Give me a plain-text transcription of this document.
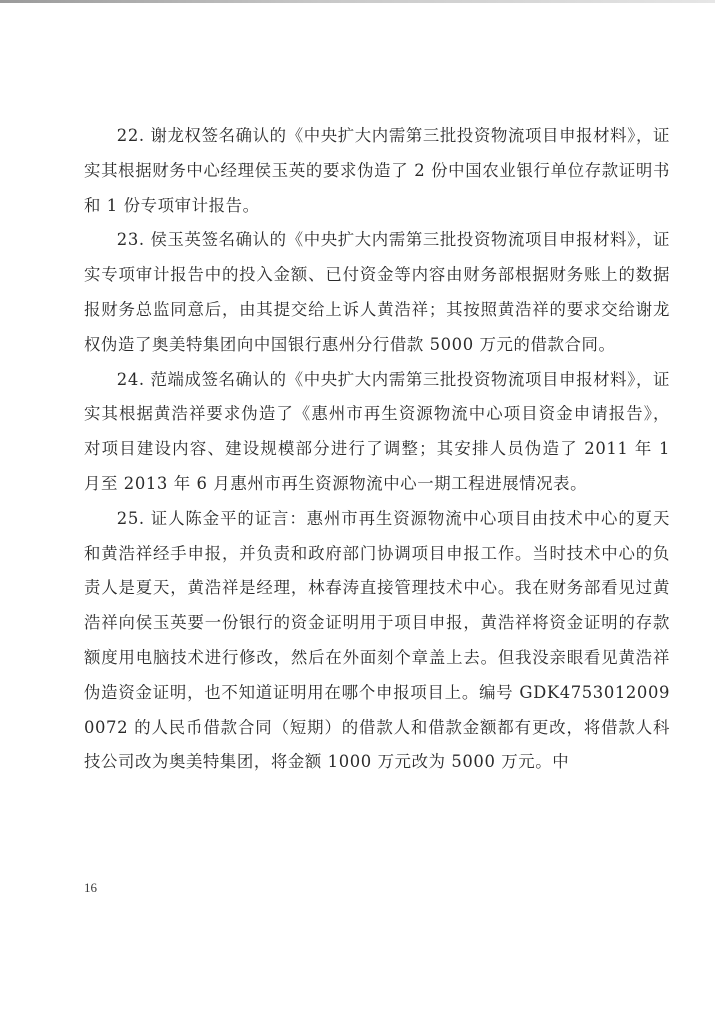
22. 谢龙权签名确认的《中央扩大内需第三批投资物流项目申报材料》，证实其根据财务中心经理侯玉英的要求伪造了 2 份中国农业银行单位存款证明书和 1 份专项审计报告。

23. 侯玉英签名确认的《中央扩大内需第三批投资物流项目申报材料》，证实专项审计报告中的投入金额、已付资金等内容由财务部根据财务账上的数据报财务总监同意后，由其提交给上诉人黄浩祥；其按照黄浩祥的要求交给谢龙权伪造了奥美特集团向中国银行惠州分行借款 5000 万元的借款合同。

24. 范端成签名确认的《中央扩大内需第三批投资物流项目申报材料》，证实其根据黄浩祥要求伪造了《惠州市再生资源物流中心项目资金申请报告》，对项目建设内容、建设规模部分进行了调整；其安排人员伪造了 2011 年 1 月至 2013 年 6 月惠州市再生资源物流中心一期工程进展情况表。

25. 证人陈金平的证言：惠州市再生资源物流中心项目由技术中心的夏天和黄浩祥经手申报，并负责和政府部门协调项目申报工作。当时技术中心的负责人是夏天，黄浩祥是经理，林春涛直接管理技术中心。我在财务部看见过黄浩祥向侯玉英要一份银行的资金证明用于项目申报，黄浩祥将资金证明的存款额度用电脑技术进行修改，然后在外面刻个章盖上去。但我没亲眼看见黄浩祥伪造资金证明，也不知道证明用在哪个申报项目上。编号 GDK47530120090072 的人民币借款合同（短期）的借款人和借款金额都有更改，将借款人科技公司改为奥美特集团，将金额 1000 万元改为 5000 万元。中

16
